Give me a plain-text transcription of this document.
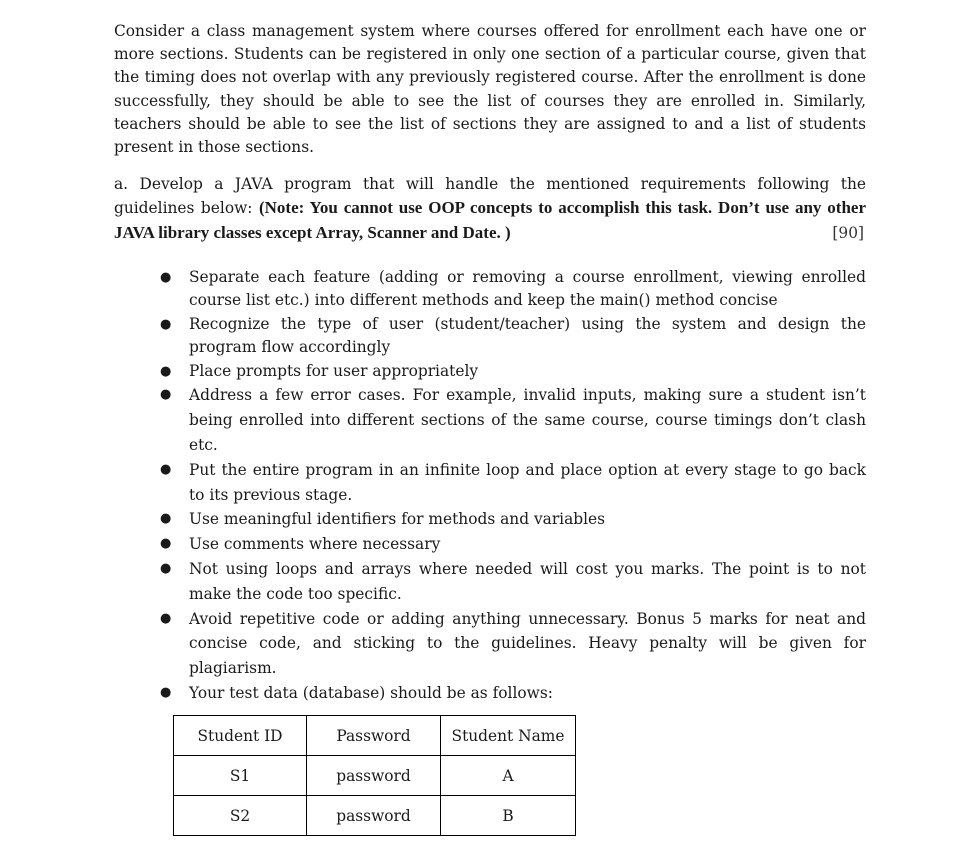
Consider a class management system where courses offered for enrollment each have one or more sections. Students can be registered in only one section of a particular course, given that the timing does not overlap with any previously registered course. After the enrollment is done successfully, they should be able to see the list of courses they are enrolled in. Similarly, teachers should be able to see the list of sections they are assigned to and a list of students present in those sections.

a. Develop a JAVA program that will handle the mentioned requirements following the guidelines below: (Note: You cannot use OOP concepts to accomplish this task. Don’t use any other JAVA library classes except Array, Scanner and Date. )	[90]

● Separate each feature (adding or removing a course enrollment, viewing enrolled course list etc.) into different methods and keep the main() method concise
● Recognize the type of user (student/teacher) using the system and design the program flow accordingly
● Place prompts for user appropriately
● Address a few error cases. For example, invalid inputs, making sure a student isn’t being enrolled into different sections of the same course, course timings don’t clash etc.
● Put the entire program in an infinite loop and place option at every stage to go back to its previous stage.
● Use meaningful identifiers for methods and variables
● Use comments where necessary
● Not using loops and arrays where needed will cost you marks. The point is to not make the code too specific.
● Avoid repetitive code or adding anything unnecessary. Bonus 5 marks for neat and concise code, and sticking to the guidelines. Heavy penalty will be given for plagiarism.
● Your test data (database) should be as follows:
Student ID	Password	Student Name
S1	password	A
S2	password	B
